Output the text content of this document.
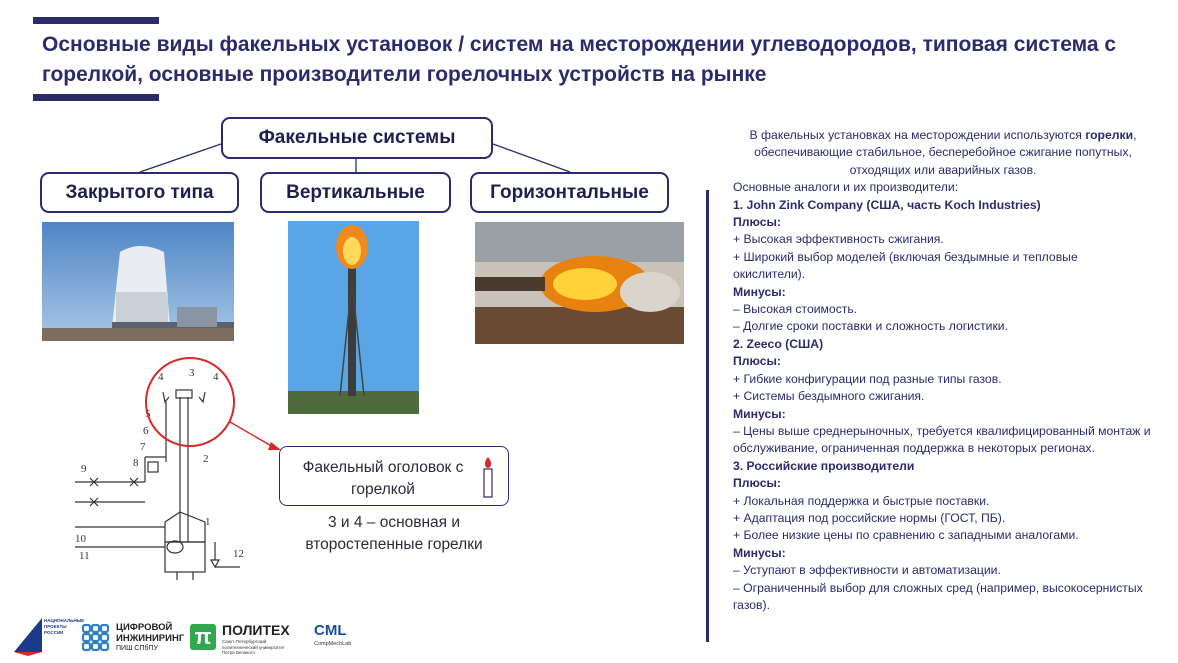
Основные виды факельных установок / систем на месторождении углеводородов, типовая система с горелкой, основные производители горелочных устройств на рынке
Факельные системы
Закрытого типа	Вертикальные	Горизонтальные
4 3 4
5
6
7
8
9
2
1
10
11	12
Факельный оголовок с горелкой
3 и 4 – основная и второстепенные горелки

В факельных установках на месторождении используются горелки, обеспечивающие стабильное, бесперебойное сжигание попутных, отходящих или аварийных газов.

Основные аналоги и их производители:

1. John Zink Company (США, часть Koch Industries)

Плюсы:

+ Высокая эффективность сжигания.

+ Широкий выбор моделей (включая бездымные и тепловые окислители).

Минусы:

– Высокая стоимость.

– Долгие сроки поставки и сложность логистики.

2. Zeeco (США)

Плюсы:

+ Гибкие конфигурации под разные типы газов.

+ Системы бездымного сжигания.

Минусы:

– Цены выше среднерыночных, требуется квалифицированный монтаж и обслуживание, ограниченная поддержка в некоторых регионах.

3. Российские производители

Плюсы:

+ Локальная поддержка и быстрые поставки.

+ Адаптация под российские нормы (ГОСТ, ПБ).

+ Более низкие цены по сравнению с западными аналогами.

Минусы:

– Уступают в эффективности и автоматизации.

– Ограниченный выбор для сложных сред (например, высокосернистых газов).

НАЦИОНАЛЬНЫЕ ПРОЕКТЫ РОССИИ	ЦИФРОВОЙ
ИНЖИНИРИНГ
ПИШ СПбПУ π ПОЛИТЕХ
Санкт-Петербургский политехнический университет Петра Великого
CML
CompMechLab
